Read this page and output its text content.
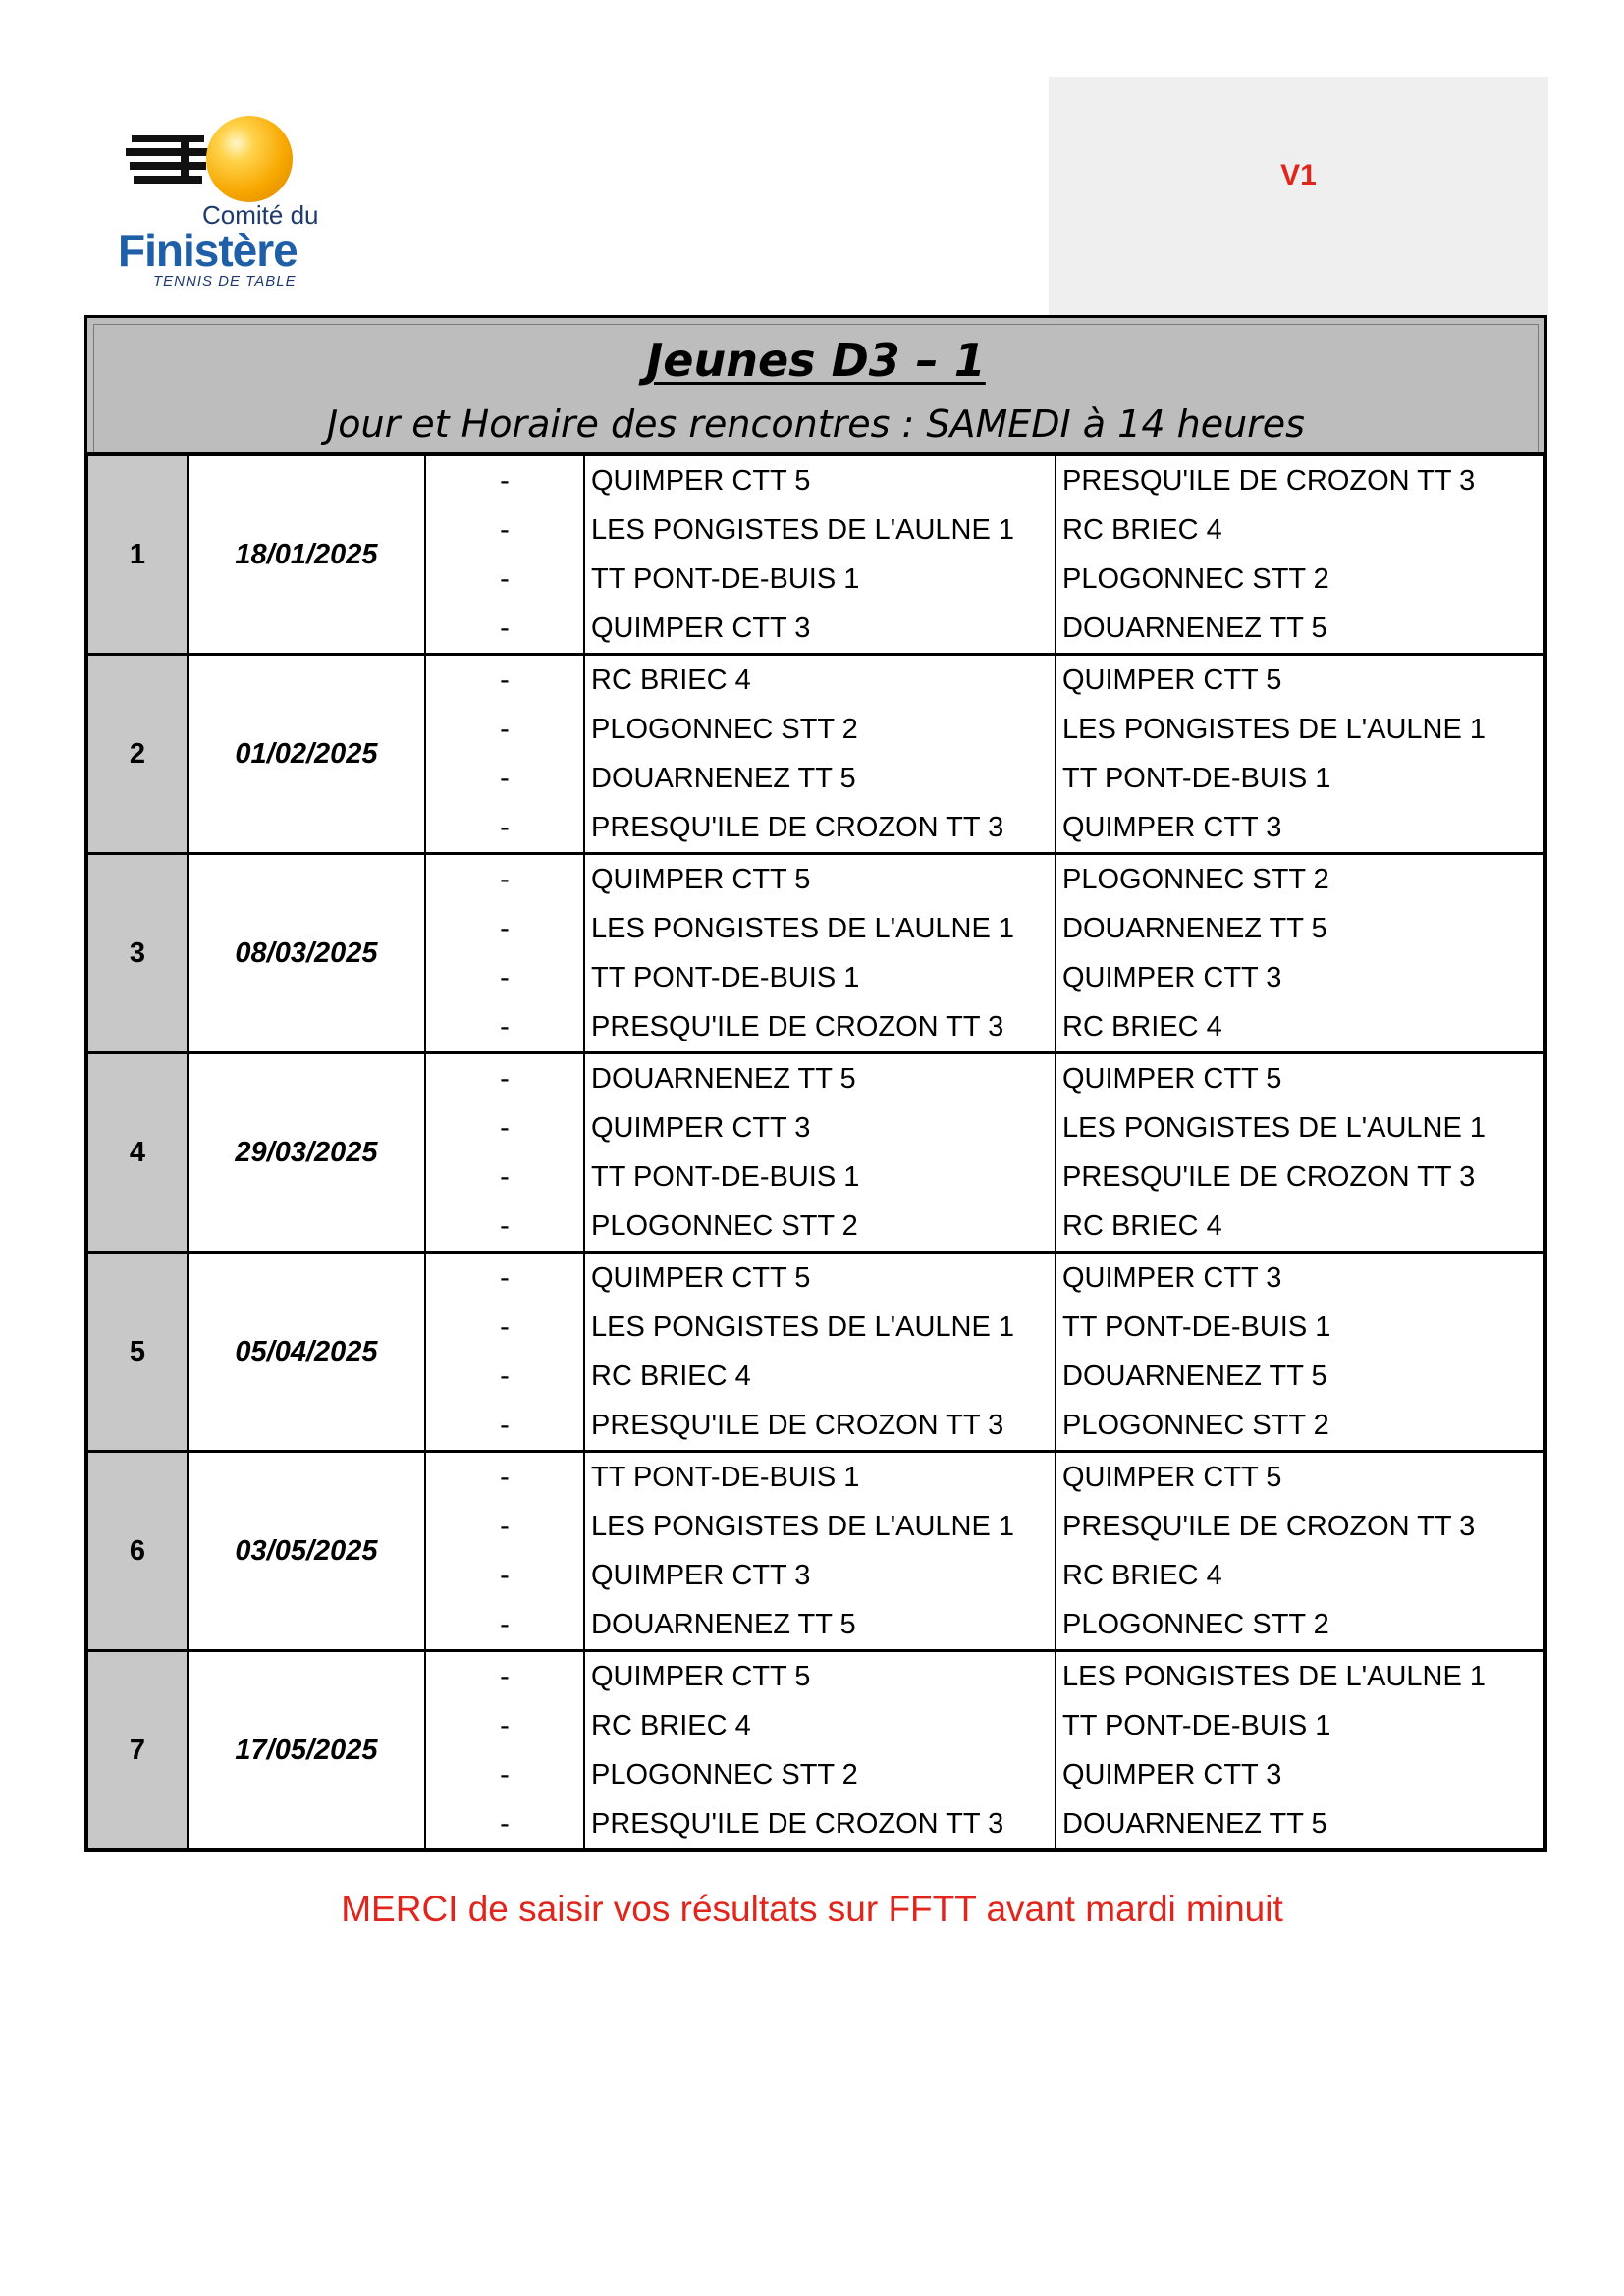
Comité du
Finistère
TENNIS DE TABLE
V1
Jeunes D3 – 1
Jour et Horaire des rencontres : SAMEDI à 14 heures
1	18/01/2025	-	QUIMPER CTT 5	PRESQU'ILE DE CROZON TT 3
		-	LES PONGISTES DE L'AULNE 1	RC BRIEC 4
		-	TT PONT-DE-BUIS 1	PLOGONNEC STT 2
		-	QUIMPER CTT 3	DOUARNENEZ TT 5
2	01/02/2025	-	RC BRIEC 4	QUIMPER CTT 5
		-	PLOGONNEC STT 2	LES PONGISTES DE L'AULNE 1
		-	DOUARNENEZ TT 5	TT PONT-DE-BUIS 1
		-	PRESQU'ILE DE CROZON TT 3	QUIMPER CTT 3
3	08/03/2025	-	QUIMPER CTT 5	PLOGONNEC STT 2
		-	LES PONGISTES DE L'AULNE 1	DOUARNENEZ TT 5
		-	TT PONT-DE-BUIS 1	QUIMPER CTT 3
		-	PRESQU'ILE DE CROZON TT 3	RC BRIEC 4
4	29/03/2025	-	DOUARNENEZ TT 5	QUIMPER CTT 5
		-	QUIMPER CTT 3	LES PONGISTES DE L'AULNE 1
		-	TT PONT-DE-BUIS 1	PRESQU'ILE DE CROZON TT 3
		-	PLOGONNEC STT 2	RC BRIEC 4
5	05/04/2025	-	QUIMPER CTT 5	QUIMPER CTT 3
		-	LES PONGISTES DE L'AULNE 1	TT PONT-DE-BUIS 1
		-	RC BRIEC 4	DOUARNENEZ TT 5
		-	PRESQU'ILE DE CROZON TT 3	PLOGONNEC STT 2
6	03/05/2025	-	TT PONT-DE-BUIS 1	QUIMPER CTT 5
		-	LES PONGISTES DE L'AULNE 1	PRESQU'ILE DE CROZON TT 3
		-	QUIMPER CTT 3	RC BRIEC 4
		-	DOUARNENEZ TT 5	PLOGONNEC STT 2
7	17/05/2025	-	QUIMPER CTT 5	LES PONGISTES DE L'AULNE 1
		-	RC BRIEC 4	TT PONT-DE-BUIS 1
		-	PLOGONNEC STT 2	QUIMPER CTT 3
		-	PRESQU'ILE DE CROZON TT 3	DOUARNENEZ TT 5
MERCI de saisir vos résultats sur FFTT avant mardi minuit
